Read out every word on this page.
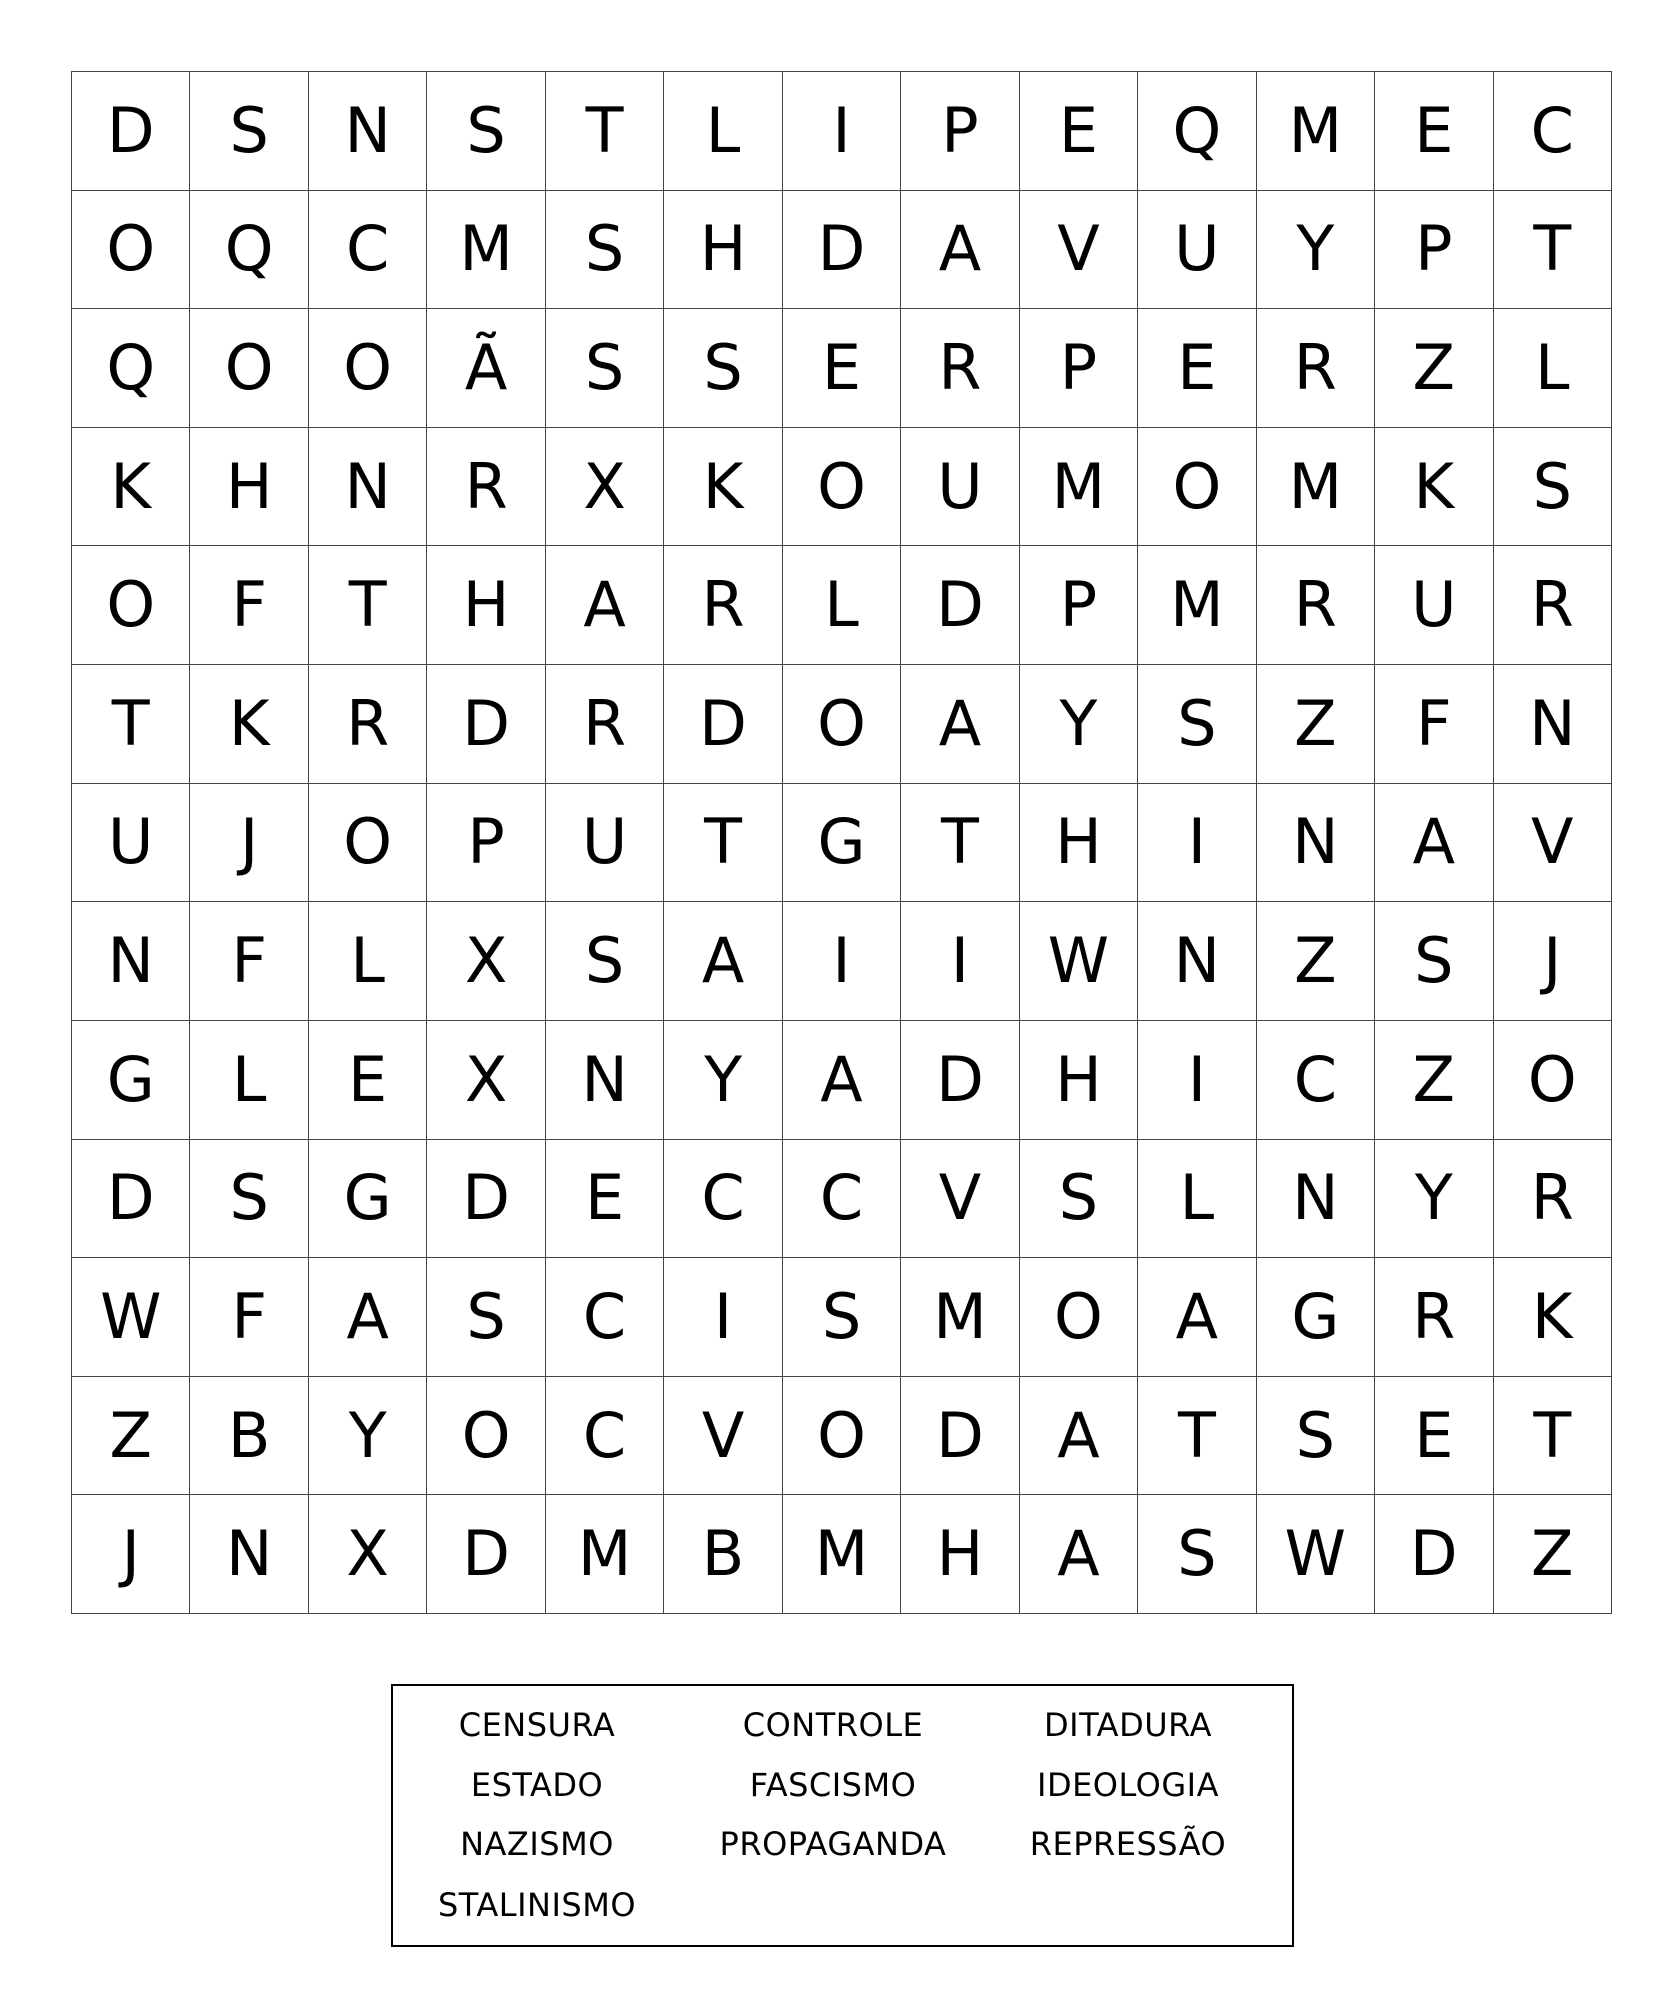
D	S	N	S	T	L	I	P	E	Q	M	E	C
O	Q	C	M	S	H	D	A	V	U	Y	P	T
Q	O	O	Ã	S	S	E	R	P	E	R	Z	L
K	H	N	R	X	K	O	U	M	O	M	K	S
O	F	T	H	A	R	L	D	P	M	R	U	R
T	K	R	D	R	D	O	A	Y	S	Z	F	N
U	J	O	P	U	T	G	T	H	I	N	A	V
N	F	L	X	S	A	I	I	W	N	Z	S	J
G	L	E	X	N	Y	A	D	H	I	C	Z	O
D	S	G	D	E	C	C	V	S	L	N	Y	R
W	F	A	S	C	I	S	M	O	A	G	R	K
Z	B	Y	O	C	V	O	D	A	T	S	E	T
J	N	X	D	M	B	M	H	A	S	W	D	Z
CENSURA	CONTROLE	DITADURA
ESTADO	FASCISMO	IDEOLOGIA
NAZISMO	PROPAGANDA	REPRESSÃO
STALINISMO
